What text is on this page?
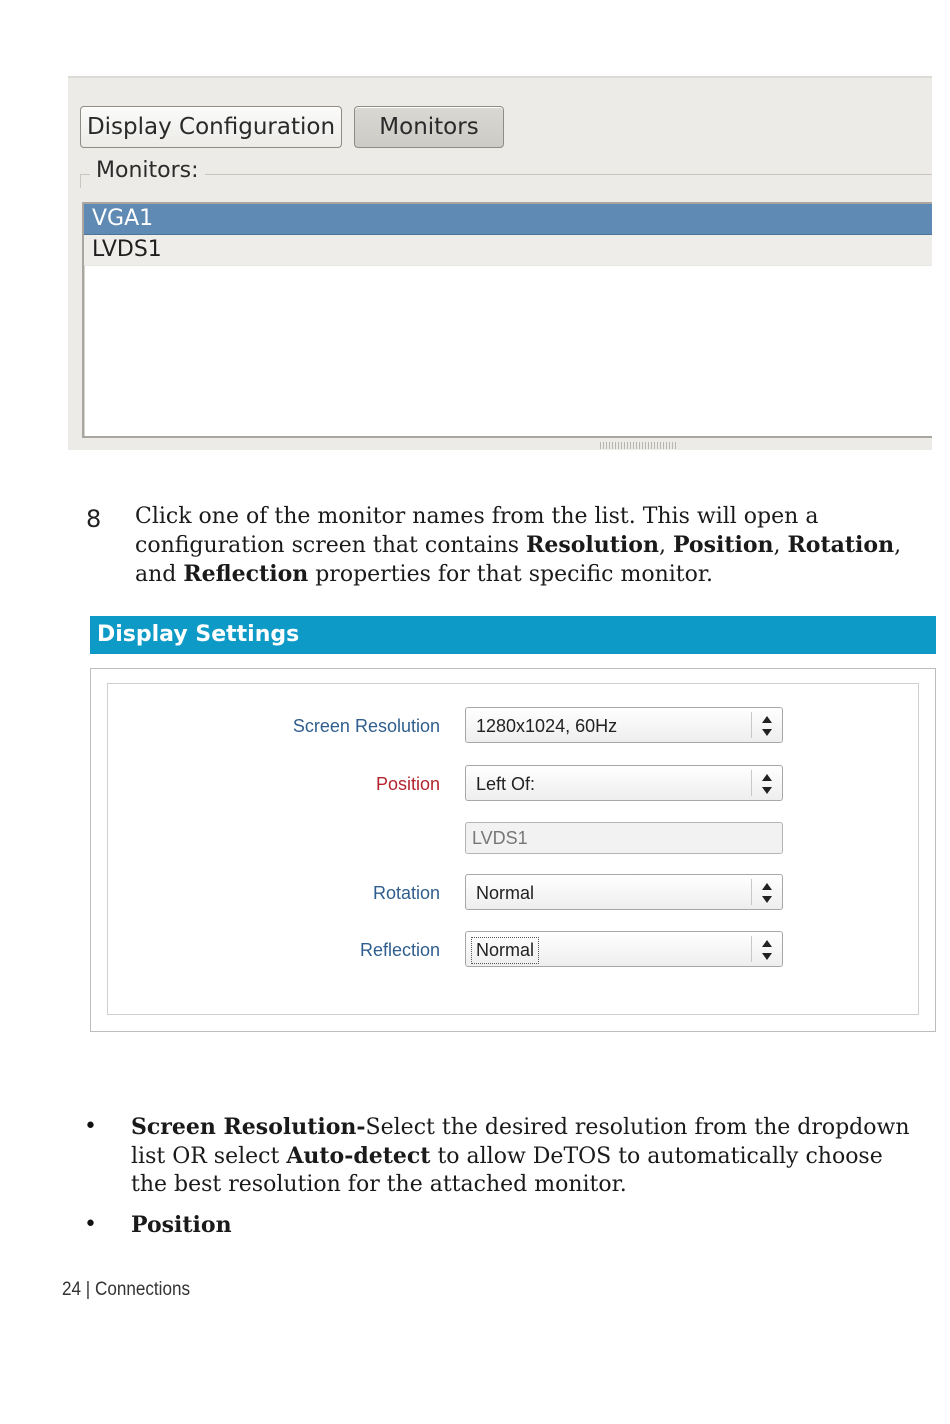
Display Configuration	Monitors
Monitors:
VGA1
LVDS1
8 Click one of the monitor names from the list. This will open a configuration screen that contains Resolution, Position, Rotation, and Reflection properties for that specific monitor.
Display Settings
Screen Resolution 1280x1024, 60Hz
Position Left Of:
LVDS1
Rotation Normal
Reflection Normal
• Screen Resolution-Select the desired resolution from the dropdown list OR select Auto-detect to allow DeTOS to automatically choose the best resolution for the attached monitor.
• Position
24 | Connections
